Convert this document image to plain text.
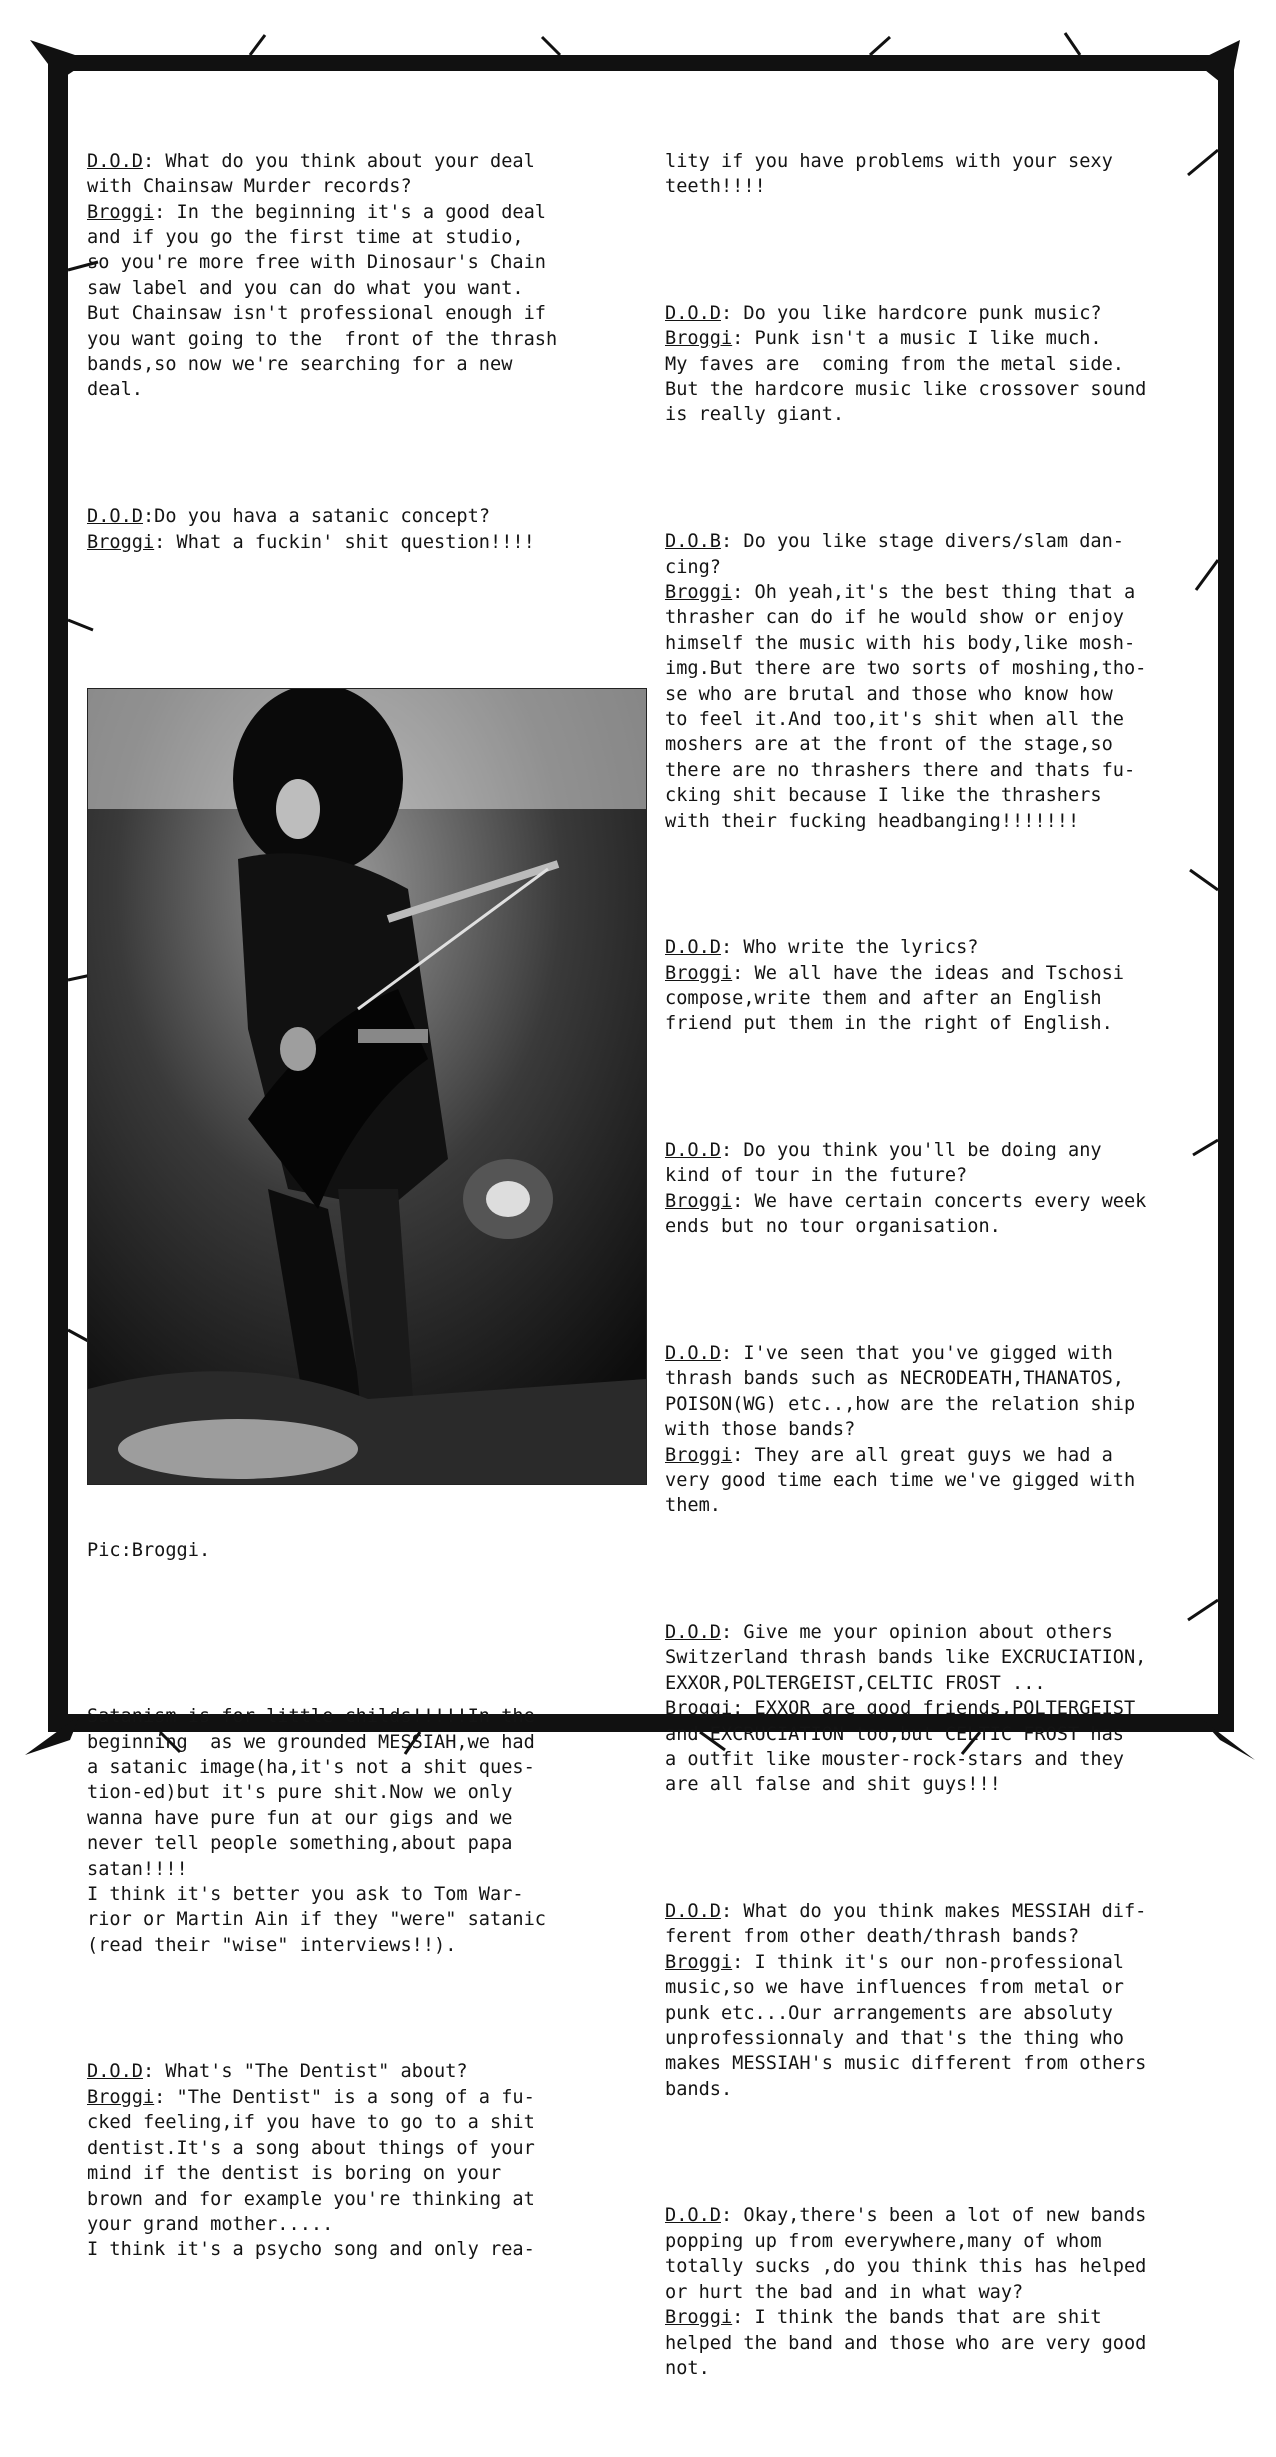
D.O.D: What do you think about your deal
with Chainsaw Murder records?
Broggi: In the beginning it's a good deal
and if you go the first time at studio,
so you're more free with Dinosaur's Chain
saw label and you can do what you want.
But Chainsaw isn't professional enough if
you want going to the  front of the thrash
bands,so now we're searching for a new
deal.

D.O.D:Do you hava a satanic concept?
Broggi: What a fuckin' shit question!!!!

Pic:Broggi.

Satanism is for little childs!!!!!In the
beginning  as we grounded MESSIAH,we had
a satanic image(ha,it's not a shit ques-
tion-ed)but it's pure shit.Now we only
wanna have pure fun at our gigs and we
never tell people something,about papa
satan!!!!
I think it's better you ask to Tom War-
rior or Martin Ain if they "were" satanic
(read their "wise" interviews!!).

D.O.D: What's "The Dentist" about?
Broggi: "The Dentist" is a song of a fu-
cked feeling,if you have to go to a shit
dentist.It's a song about things of your
mind if the dentist is boring on your
brown and for example you're thinking at
your grand mother.....
I think it's a psycho song and only rea-

lity if you have problems with your sexy
teeth!!!!

D.O.D: Do you like hardcore punk music?
Broggi: Punk isn't a music I like much.
My faves are  coming from the metal side.
But the hardcore music like crossover sound
is really giant.

D.O.B: Do you like stage divers/slam dan-
cing?
Broggi: Oh yeah,it's the best thing that a
thrasher can do if he would show or enjoy
himself the music with his body,like mosh-
img.But there are two sorts of moshing,tho-
se who are brutal and those who know how
to feel it.And too,it's shit when all the
moshers are at the front of the stage,so
there are no thrashers there and thats fu-
cking shit because I like the thrashers
with their fucking headbanging!!!!!!!

D.O.D: Who write the lyrics?
Broggi: We all have the ideas and Tschosi
compose,write them and after an English
friend put them in the right of English.

D.O.D: Do you think you'll be doing any
kind of tour in the future?
Broggi: We have certain concerts every week
ends but no tour organisation.

D.O.D: I've seen that you've gigged with
thrash bands such as NECRODEATH,THANATOS,
POISON(WG) etc..,how are the relation ship
with those bands?
Broggi: They are all great guys we had a
very good time each time we've gigged with
them.

D.O.D: Give me your opinion about others
Switzerland thrash bands like EXCRUCIATION,
EXXOR,POLTERGEIST,CELTIC FROST ...
Broggi: EXXOR are good friends,POLTERGEIST
and EXCRUCIATION too,but CELTIC FROST has
a outfit like mouster-rock-stars and they
are all false and shit guys!!!

D.O.D: What do you think makes MESSIAH dif-
ferent from other death/thrash bands?
Broggi: I think it's our non-professional
music,so we have influences from metal or
punk etc...Our arrangements are absoluty
unprofessionnaly and that's the thing who
makes MESSIAH's music different from others
bands.

D.O.D: Okay,there's been a lot of new bands
popping up from everywhere,many of whom
totally sucks ,do you think this has helped
or hurt the bad and in what way?
Broggi: I think the bands that are shit
helped the band and those who are very good
not.
